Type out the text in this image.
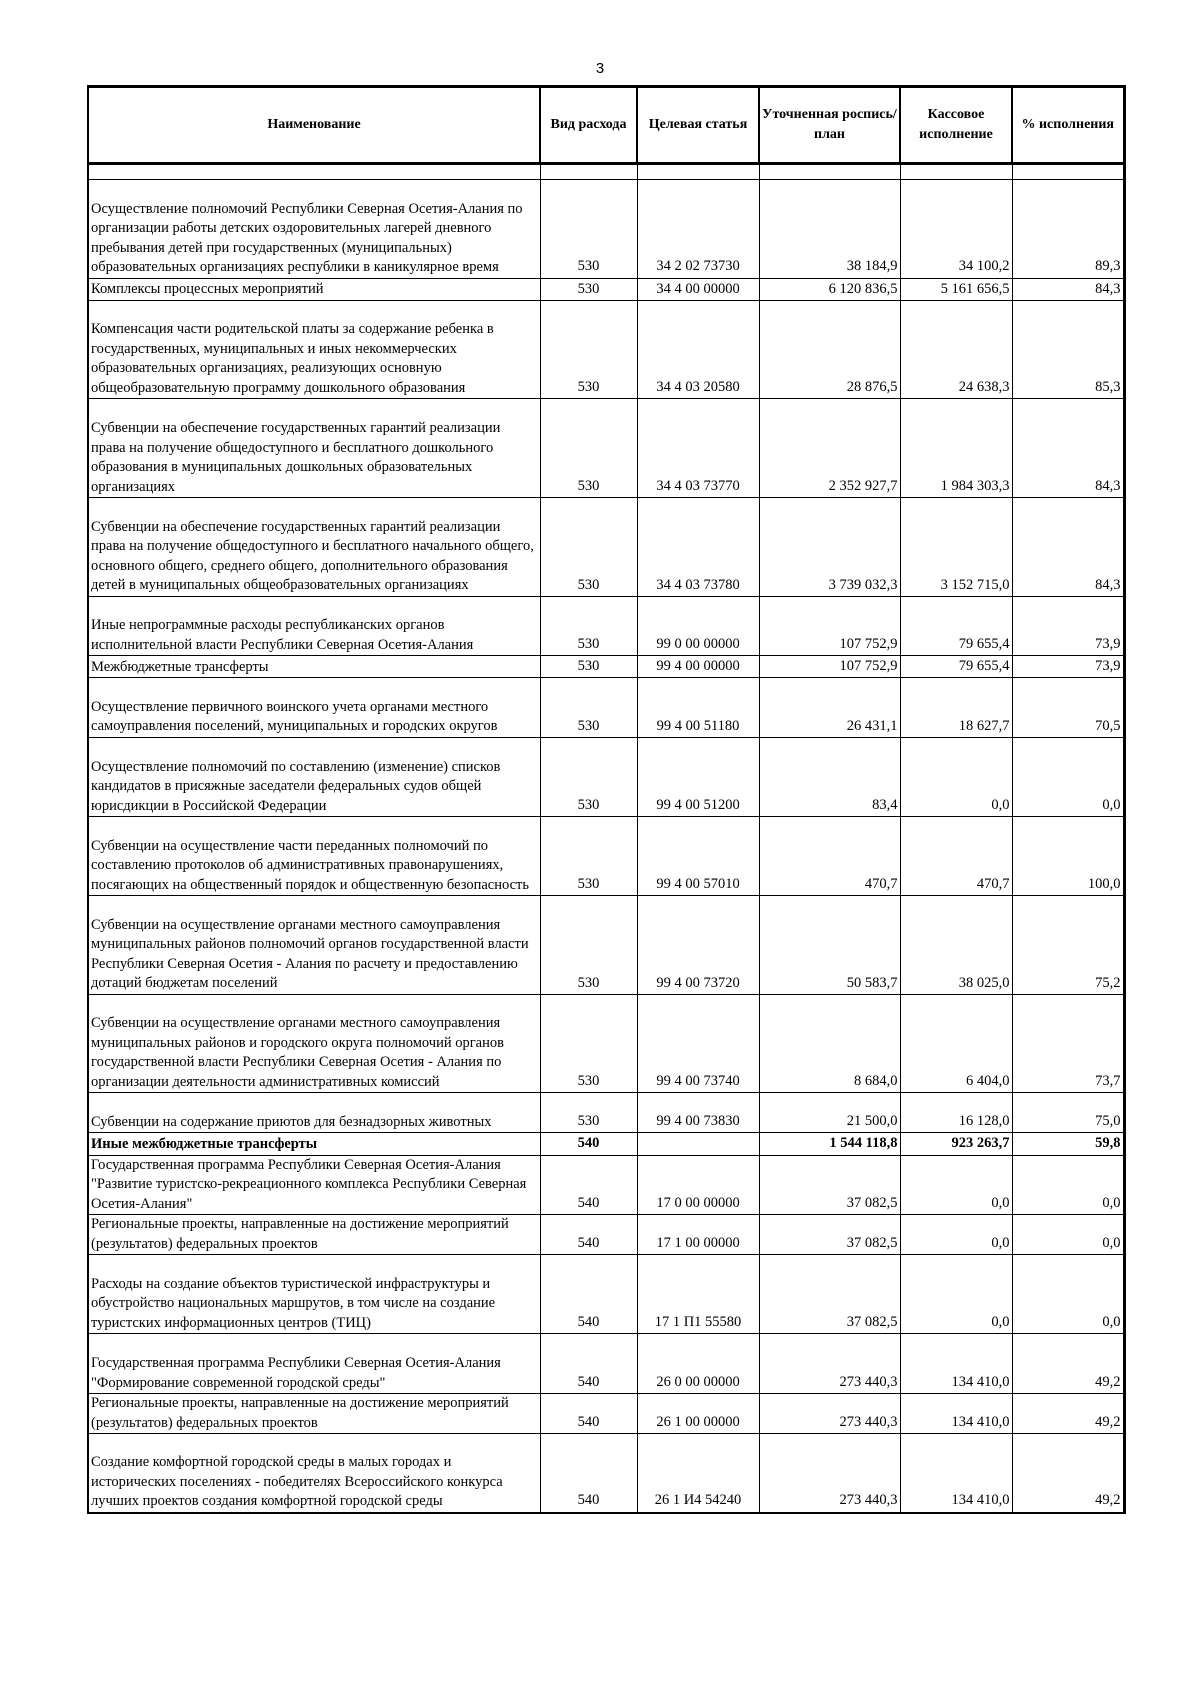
3
Наименование	Вид расхода	Целевая статья	Уточненная роспись/план	Кассовое исполнение	% исполнения

Осуществление полномочий Республики Северная Осетия-Алания по организации работы детских оздоровительных лагерей дневного пребывания детей при государственных (муниципальных) образовательных организациях республики в каникулярное время	530	34 2 02 73730	38 184,9	34 100,2	89,3
Комплексы процессных мероприятий	530	34 4 00 00000	6 120 836,5	5 161 656,5	84,3
Компенсация части родительской платы за содержание ребенка в государственных, муниципальных и иных некоммерческих образовательных организациях, реализующих основную общеобразовательную программу дошкольного образования	530	34 4 03 20580	28 876,5	24 638,3	85,3
Субвенции на обеспечение государственных гарантий реализации права на получение общедоступного и бесплатного дошкольного образования в муниципальных дошкольных образовательных организациях	530	34 4 03 73770	2 352 927,7	1 984 303,3	84,3
Субвенции на обеспечение государственных гарантий реализации права на получение общедоступного и бесплатного начального общего, основного общего, среднего общего, дополнительного образования детей в муниципальных общеобразовательных организациях	530	34 4 03 73780	3 739 032,3	3 152 715,0	84,3
Иные непрограммные расходы республиканских органов исполнительной власти Республики Северная Осетия-Алания	530	99 0 00 00000	107 752,9	79 655,4	73,9
Межбюджетные трансферты	530	99 4 00 00000	107 752,9	79 655,4	73,9
Осуществление первичного воинского учета органами местного самоуправления поселений, муниципальных и городских округов	530	99 4 00 51180	26 431,1	18 627,7	70,5
Осуществление полномочий по составлению (изменение) списков кандидатов в присяжные заседатели федеральных судов общей юрисдикции в Российской Федерации	530	99 4 00 51200	83,4	0,0	0,0
Субвенции на осуществление части переданных полномочий по составлению протоколов об административных правонарушениях, посягающих на общественный порядок и общественную безопасность	530	99 4 00 57010	470,7	470,7	100,0
Субвенции на осуществление органами местного самоуправления муниципальных районов полномочий органов государственной власти Республики Северная Осетия - Алания по расчету и предоставлению дотаций бюджетам поселений	530	99 4 00 73720	50 583,7	38 025,0	75,2
Субвенции на осуществление органами местного самоуправления муниципальных районов и городского округа полномочий органов государственной власти Республики Северная Осетия - Алания по организации деятельности административных комиссий	530	99 4 00 73740	8 684,0	6 404,0	73,7
Субвенции на содержание приютов для безнадзорных животных	530	99 4 00 73830	21 500,0	16 128,0	75,0
Иные межбюджетные трансферты	540		1 544 118,8	923 263,7	59,8
Государственная программа Республики Северная Осетия-Алания "Развитие туристско-рекреационного комплекса Республики Северная Осетия-Алания"	540	17 0 00 00000	37 082,5	0,0	0,0
Региональные проекты, направленные на достижение мероприятий (результатов) федеральных проектов	540	17 1 00 00000	37 082,5	0,0	0,0
Расходы на создание объектов туристической инфраструктуры и обустройство национальных маршрутов, в том числе на создание туристских информационных центров (ТИЦ)	540	17 1 П1 55580	37 082,5	0,0	0,0
Государственная программа Республики Северная Осетия-Алания "Формирование современной городской среды"	540	26 0 00 00000	273 440,3	134 410,0	49,2
Региональные проекты, направленные на достижение мероприятий (результатов) федеральных проектов	540	26 1 00 00000	273 440,3	134 410,0	49,2
Создание комфортной городской среды в малых городах и исторических поселениях - победителях Всероссийского конкурса лучших проектов создания комфортной городской среды	540	26 1 И4 54240	273 440,3	134 410,0	49,2
